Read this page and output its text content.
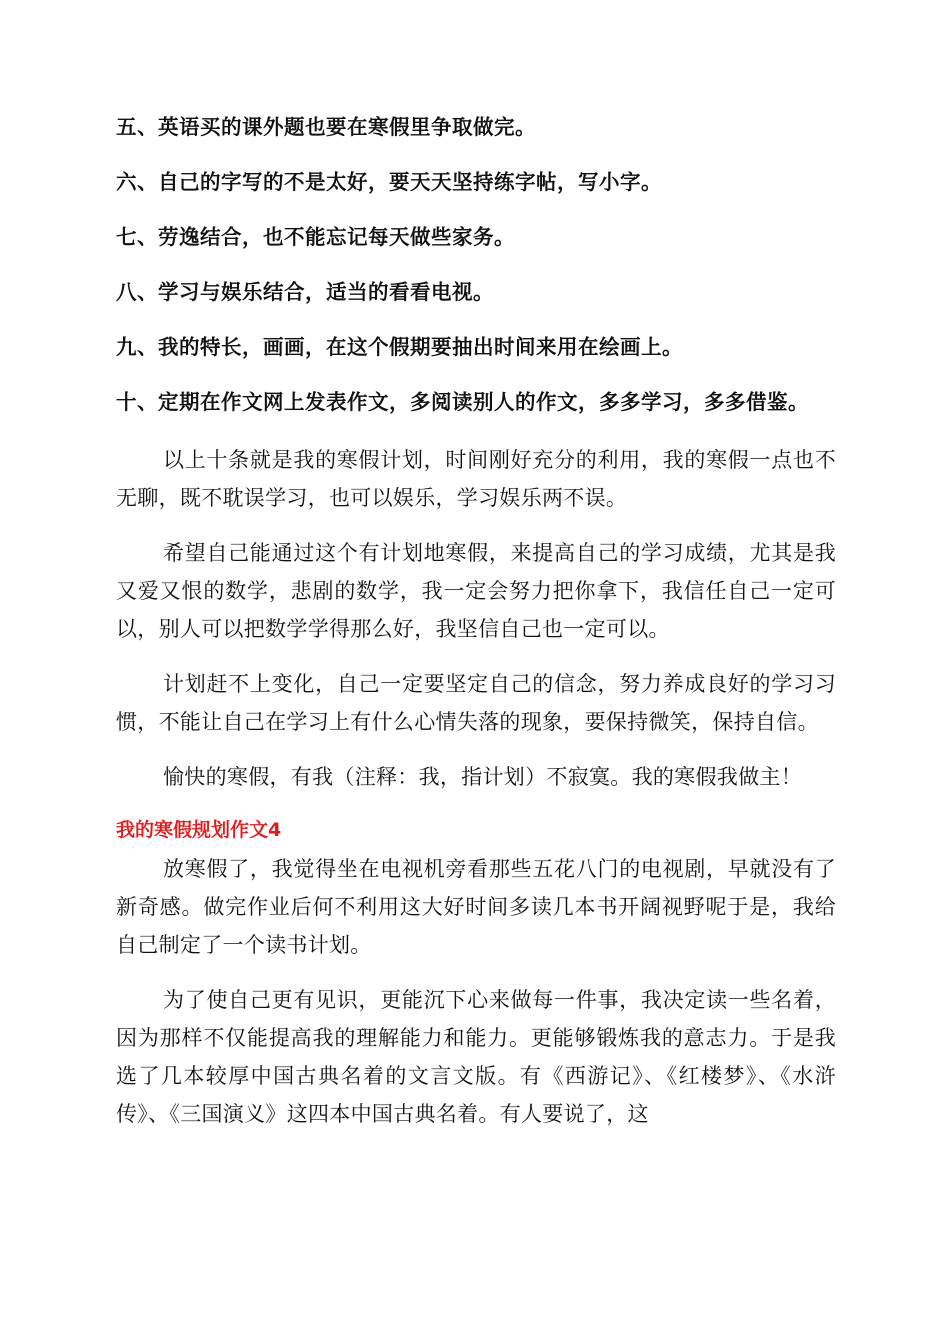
五、英语买的课外题也要在寒假里争取做完。

六、自己的字写的不是太好，要天天坚持练字帖，写小字。

七、劳逸结合，也不能忘记每天做些家务。

八、学习与娱乐结合，适当的看看电视。

九、我的特长，画画，在这个假期要抽出时间来用在绘画上。

十、定期在作文网上发表作文，多阅读别人的作文，多多学习，多多借鉴。

以上十条就是我的寒假计划，时间刚好充分的利用，我的寒假一点也不无聊，既不耽误学习，也可以娱乐，学习娱乐两不误。

希望自己能通过这个有计划地寒假，来提高自己的学习成绩，尤其是我又爱又恨的数学，悲剧的数学，我一定会努力把你拿下，我信任自己一定可以，别人可以把数学学得那么好，我坚信自己也一定可以。

计划赶不上变化，自己一定要坚定自己的信念，努力养成良好的学习习惯，不能让自己在学习上有什么心情失落的现象，要保持微笑，保持自信。

愉快的寒假，有我（注释：我，指计划）不寂寞。我的寒假我做主！

我的寒假规划作文4

放寒假了，我觉得坐在电视机旁看那些五花八门的电视剧，早就没有了新奇感。做完作业后何不利用这大好时间多读几本书开阔视野呢于是，我给自己制定了一个读书计划。

为了使自己更有见识，更能沉下心来做每一件事，我决定读一些名着，因为那样不仅能提高我的理解能力和能力。更能够锻炼我的意志力。于是我选了几本较厚中国古典名着的文言文版。有《西游记》、《红楼梦》、《水浒传》、《三国演义》这四本中国古典名着。有人要说了，这
